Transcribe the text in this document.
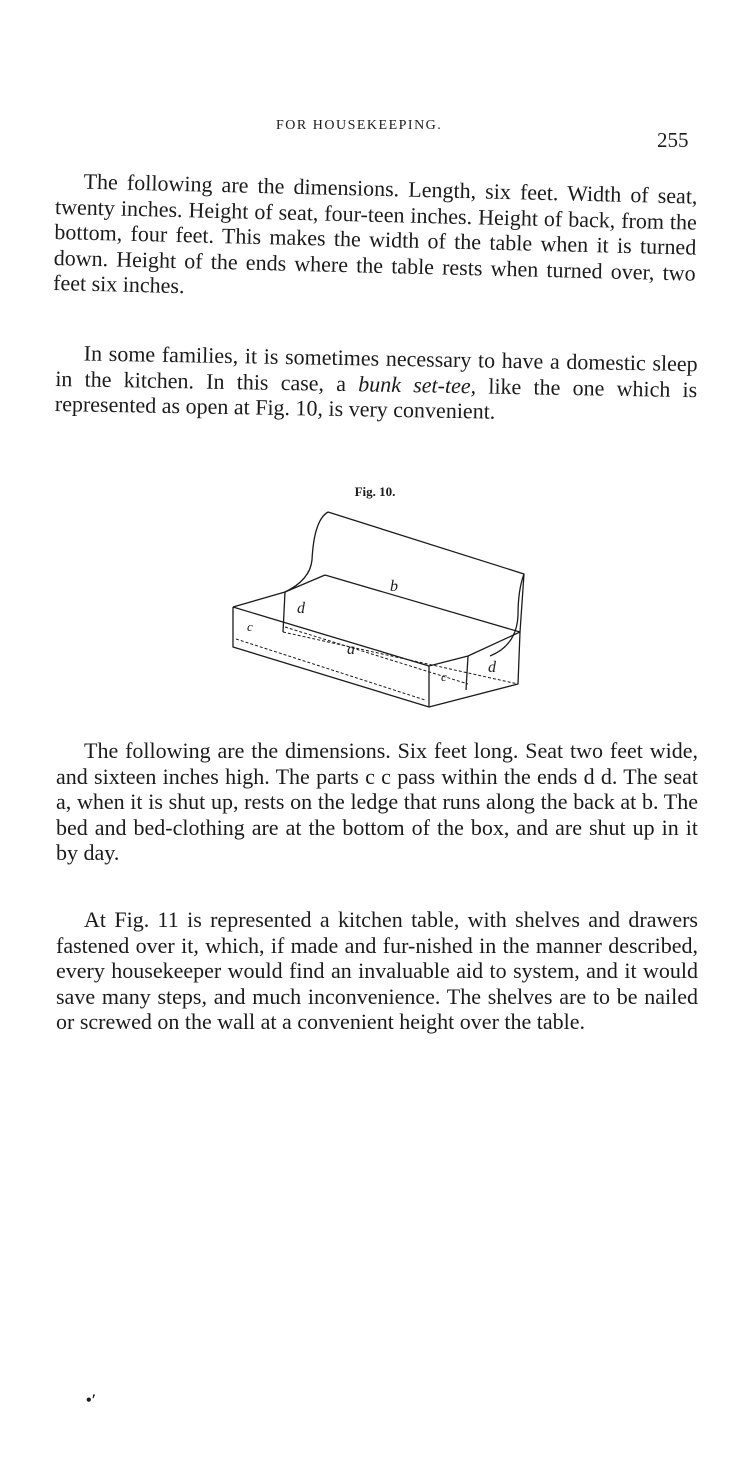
FOR HOUSEKEEPING.
255

The following are the dimensions. Length, six feet. Width of seat, twenty inches. Height of seat, four-teen inches. Height of back, from the bottom, four feet. This makes the width of the table when it is turned down. Height of the ends where the table rests when turned over, two feet six inches.

In some families, it is sometimes necessary to have a domestic sleep in the kitchen. In this case, a bunk set-tee, like the one which is represented as open at Fig. 10, is very convenient.

Fig. 10.
b
d
c
a
c
d

The following are the dimensions. Six feet long. Seat two feet wide, and sixteen inches high. The parts c c pass within the ends d d. The seat a, when it is shut up, rests on the ledge that runs along the back at b. The bed and bed-clothing are at the bottom of the box, and are shut up in it by day.

At Fig. 11 is represented a kitchen table, with shelves and drawers fastened over it, which, if made and fur-nished in the manner described, every housekeeper would find an invaluable aid to system, and it would save many steps, and much inconvenience. The shelves are to be nailed or screwed on the wall at a convenient height over the table.

•′
